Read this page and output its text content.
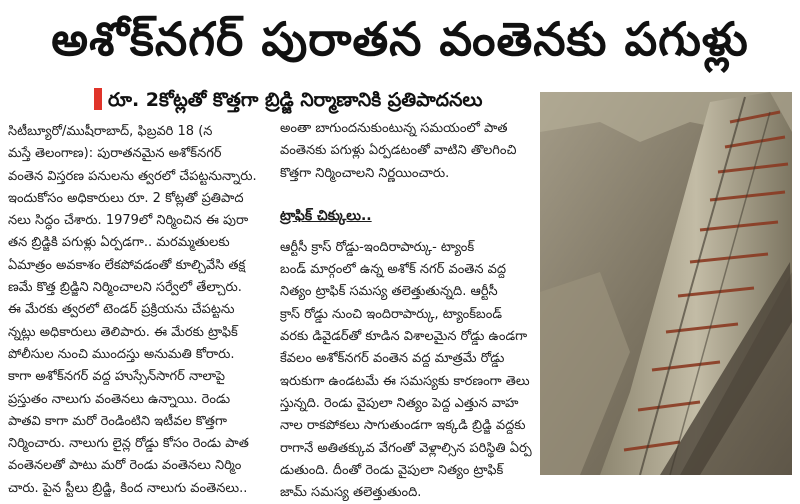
అశోక్‌నగర్ పురాతన వంతెనకు పగుళ్లు
రూ. 2కోట్లతో కొత్తగా బ్రిడ్జి నిర్మాణానికి ప్రతిపాదనలు
సిటీబ్యూరో/ముషీరాబాద్, ఫిబ్రవరి 18 (న
మస్తే తెలంగాణ): పురాతనమైన అశోక్‌నగర్
వంతెన విస్తరణ పనులను త్వరలో చేపట్టనున్నారు.
ఇందుకోసం అధికారులు రూ. 2 కోట్లతో ప్రతిపాద
నలు సిద్ధం చేశారు. 1979లో నిర్మించిన ఈ పురా
తన బ్రిడ్జికి పగుళ్లు ఏర్పడగా.. మరమ్మతులకు
ఏమాత్రం అవకాశం లేకపోవడంతో కూల్చివేసి తక్ష
ణమే కొత్త బ్రిడ్జిని నిర్మించాలని సర్వేలో తేల్చారు.
ఈ మేరకు త్వరలో టెండర్ ప్రక్రియను చేపట్టను
న్నట్లు అధికారులు తెలిపారు. ఈ మేరకు ట్రాఫిక్
పోలీసుల నుంచి ముందస్తు అనుమతి కోరారు.
కాగా అశోక్‌నగర్ వద్ద హుస్సేన్‌సాగర్ నాలాపై
ప్రస్తుతం నాలుగు వంతెనలు ఉన్నాయి. రెండు
పాతవి కాగా మరో రెండింటిని ఇటీవల కొత్తగా
నిర్మించారు. నాలుగు లైన్ల రోడ్డు కోసం రెండు పాత
వంతెనలతో పాటు మరో రెండు వంతెనలు నిర్మిం
చారు. పైన స్టీలు బ్రిడ్జి, కింద నాలుగు వంతెనలు..
అంతా బాగుందనుకుంటున్న సమయంలో పాత
వంతెనకు పగుళ్లు ఏర్పడటంతో వాటిని తొలగించి
కొత్తగా నిర్మించాలని నిర్ణయించారు.
ట్రాఫిక్ చిక్కులు..
ఆర్టీసీ క్రాస్ రోడ్డు-ఇందిరాపార్కు- ట్యాంక్
బండ్ మార్గంలో ఉన్న అశోక్ నగర్ వంతెన వద్ద
నిత్యం ట్రాఫిక్ సమస్య తలెత్తుతున్నది. ఆర్టీసీ
క్రాస్ రోడ్డు నుంచి ఇందిరాపార్కు, ట్యాంక్‌బండ్
వరకు డివైడర్‌తో కూడిన విశాలమైన రోడ్డు ఉండగా
కేవలం అశోక్‌నగర్ వంతెన వద్ద మాత్రమే రోడ్డు
ఇరుకుగా ఉండటమే ఈ సమస్యకు కారణంగా తెలు
స్తున్నది. రెండు వైపులా నిత్యం పెద్ద ఎత్తున వాహ
నాల రాకపోకలు సాగుతుండగా ఇక్కడి బ్రిడ్జి వద్దకు
రాగానే అతితక్కువ వేగంతో వెళ్లాల్సిన పరిస్థితి ఏర్ప
డుతుంది. దీంతో రెండు వైపులా నిత్యం ట్రాఫిక్
జామ్ సమస్య తలెత్తుతుంది.
